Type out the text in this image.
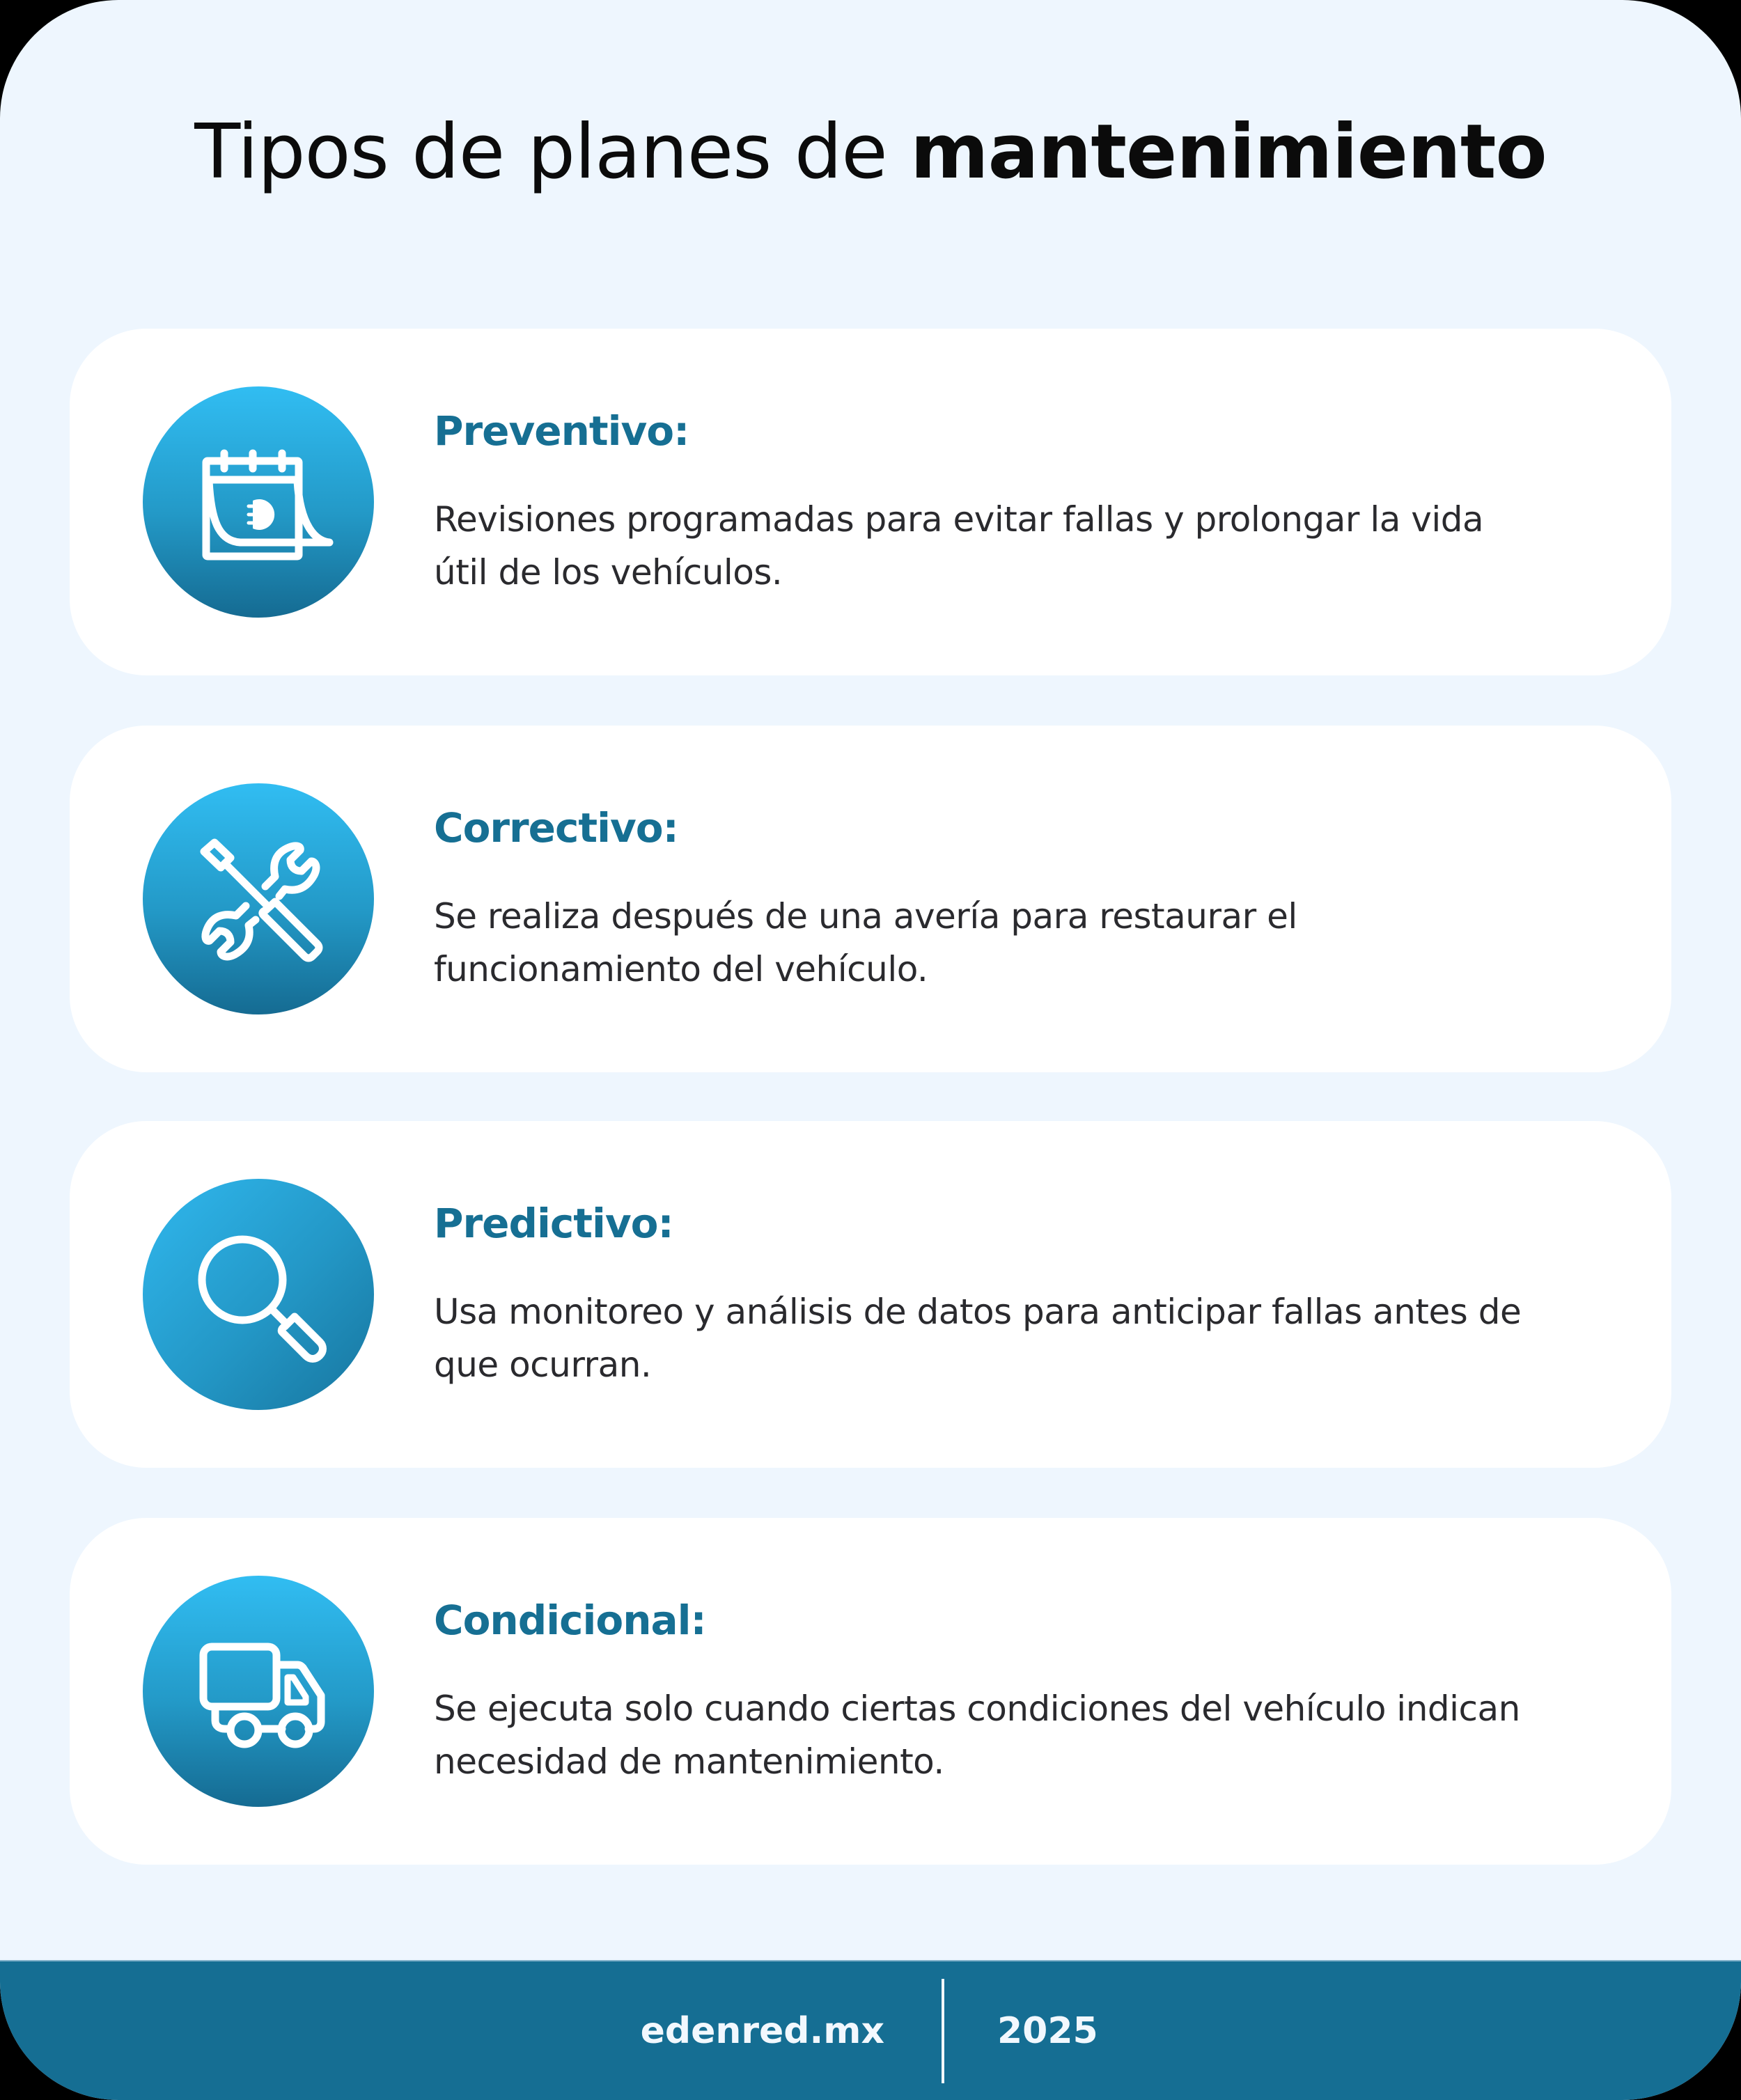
Tipos de planes de mantenimiento
Preventivo:
Revisiones programadas para evitar fallas y prolongar la vida
útil de los vehículos.
Correctivo:
Se realiza después de una avería para restaurar el
funcionamiento del vehículo.
Predictivo:
Usa monitoreo y análisis de datos para anticipar fallas antes de
que ocurran.
Condicional:
Se ejecuta solo cuando ciertas condiciones del vehículo indican
necesidad de mantenimiento.
edenred.mx	2025
